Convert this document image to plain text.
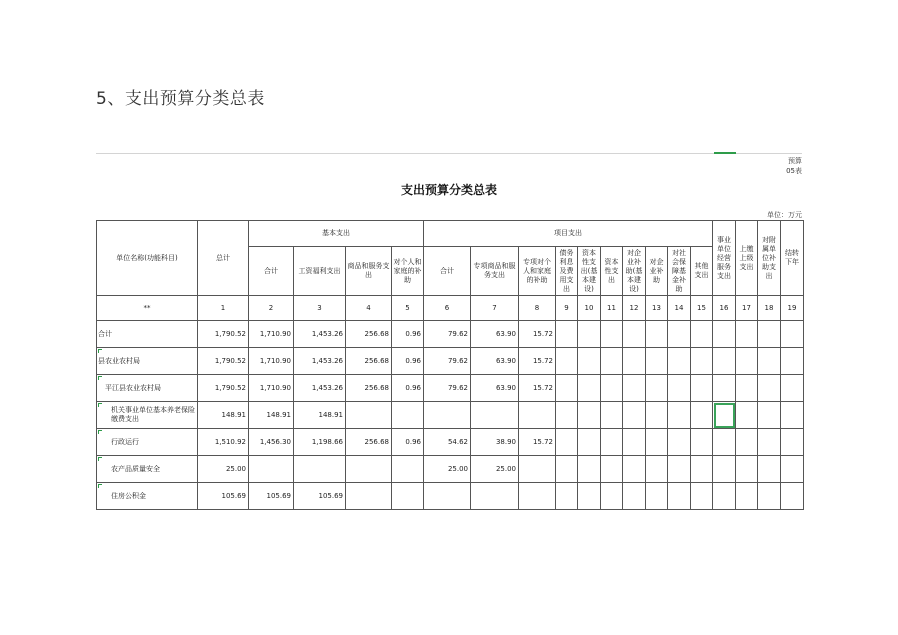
5、支出预算分类总表
预算
05表
支出预算分类总表
单位：万元
单位名称(功能科目)	总计	基本支出				项目支出										事业单位经营服务支出	上缴上级支出	对附属单位补助支出	结转下年
		合计	工资福利支出	商品和服务支出	对个人和家庭的补助	合计	专项商品和服务支出	专项对个人和家庭的补助	债务利息及费用支出	资本性支出(基本建设)	资本性支出	对企业补助(基本建设)	对企业补助	对社会保障基金补助	其他支出				
**	1	2	3	4	5	6	7	8	9	10	11	12	13	14	15	16	17	18	19
合计	1,790.52	1,710.90	1,453.26	256.68	0.96	79.62	63.90	15.72											
县农业农村局	1,790.52	1,710.90	1,453.26	256.68	0.96	79.62	63.90	15.72											
平江县农业农村局	1,790.52	1,710.90	1,453.26	256.68	0.96	79.62	63.90	15.72											
机关事业单位基本养老保险缴费支出	148.91	148.91	148.91																
行政运行	1,510.92	1,456.30	1,198.66	256.68	0.96	54.62	38.90	15.72											
农产品质量安全	25.00					25.00	25.00												
住房公积金	105.69	105.69	105.69																
